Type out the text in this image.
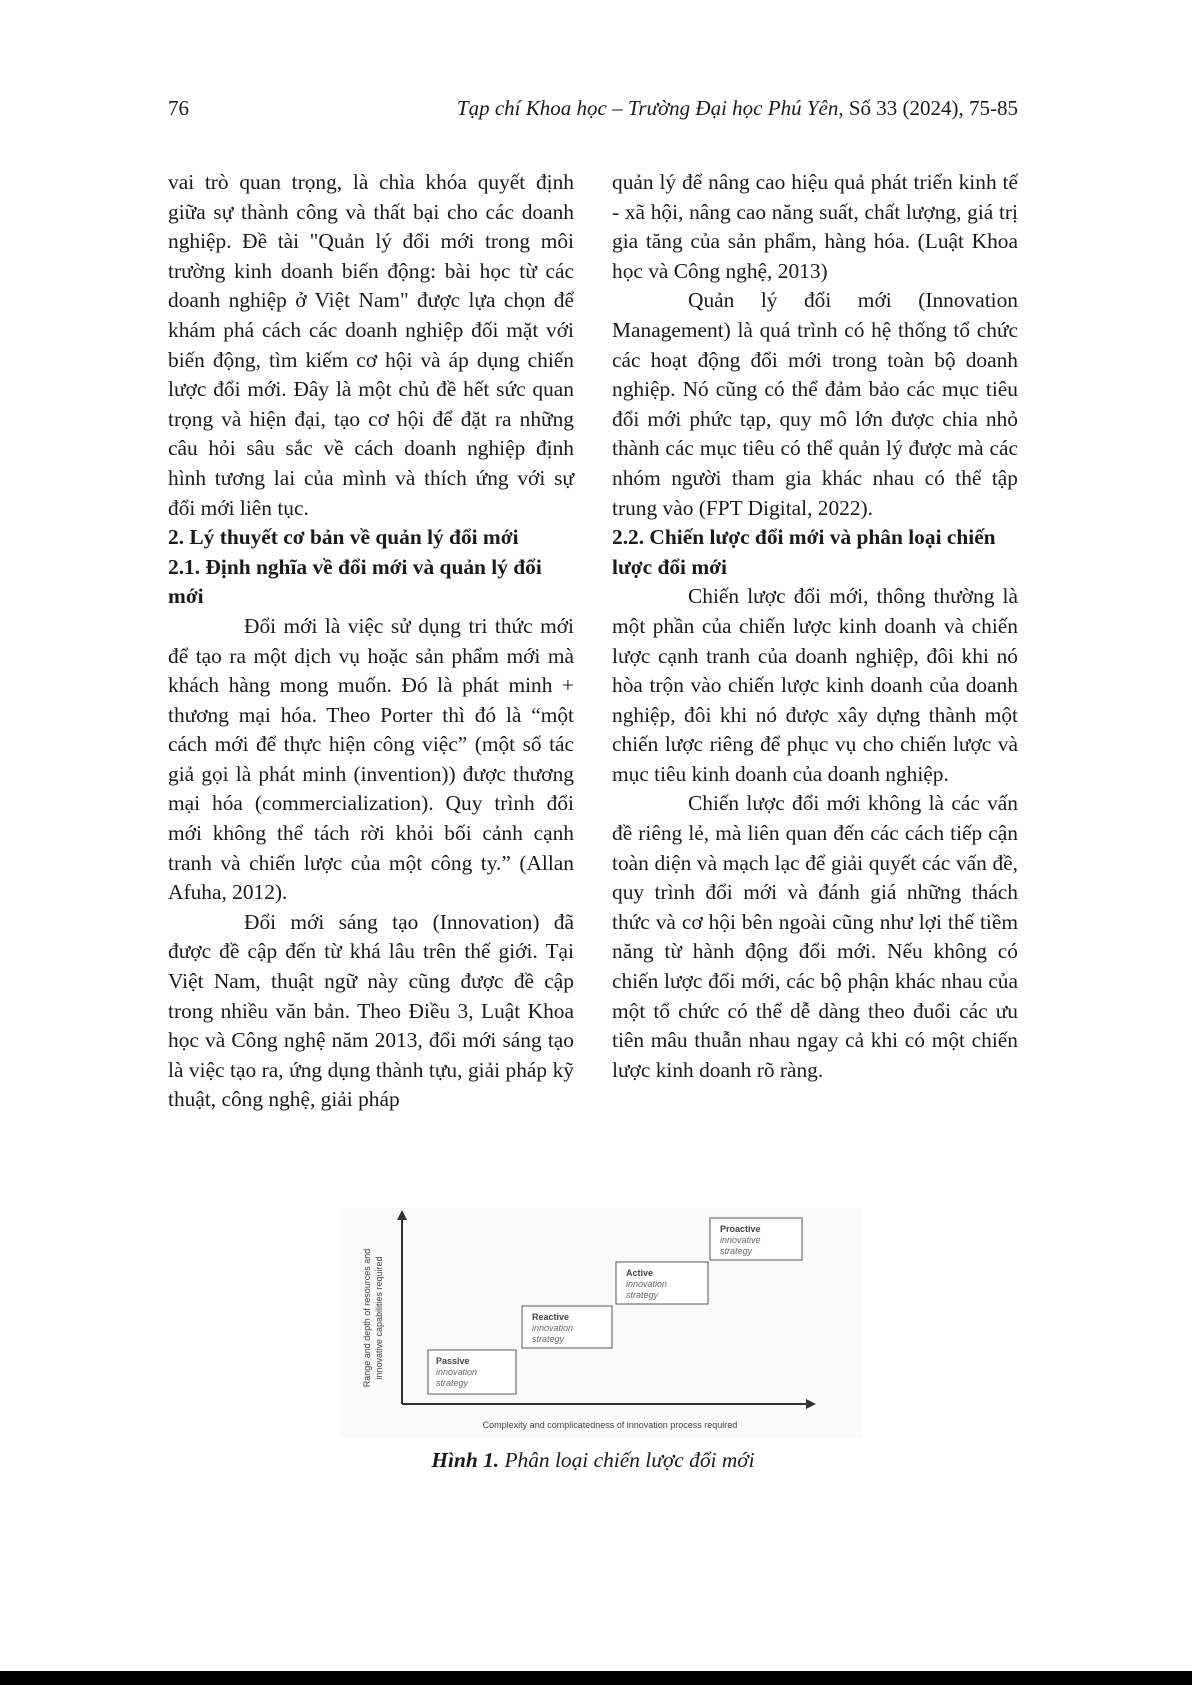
76	Tạp chí Khoa học – Trường Đại học Phú Yên, Số 33 (2024), 75-85

vai trò quan trọng, là chìa khóa quyết định giữa sự thành công và thất bại cho các doanh nghiệp. Đề tài "Quản lý đổi mới trong môi trường kinh doanh biến động: bài học từ các doanh nghiệp ở Việt Nam" được lựa chọn để khám phá cách các doanh nghiệp đối mặt với biến động, tìm kiếm cơ hội và áp dụng chiến lược đổi mới. Đây là một chủ đề hết sức quan trọng và hiện đại, tạo cơ hội để đặt ra những câu hỏi sâu sắc về cách doanh nghiệp định hình tương lai của mình và thích ứng với sự đổi mới liên tục.

2. Lý thuyết cơ bản về quản lý đổi mới
2.1. Định nghĩa về đổi mới và quản lý đổi mới

Đổi mới là việc sử dụng tri thức mới để tạo ra một dịch vụ hoặc sản phẩm mới mà khách hàng mong muốn. Đó là phát minh + thương mại hóa. Theo Porter thì đó là “một cách mới để thực hiện công việc” (một số tác giả gọi là phát minh (invention)) được thương mại hóa (commercialization). Quy trình đổi mới không thể tách rời khỏi bối cảnh cạnh tranh và chiến lược của một công ty.” (Allan Afuha, 2012).

Đổi mới sáng tạo (Innovation) đã được đề cập đến từ khá lâu trên thế giới. Tại Việt Nam, thuật ngữ này cũng được đề cập trong nhiều văn bản. Theo Điều 3, Luật Khoa học và Công nghệ năm 2013, đổi mới sáng tạo là việc tạo ra, ứng dụng thành tựu, giải pháp kỹ thuật, công nghệ, giải pháp

quản lý để nâng cao hiệu quả phát triển kinh tế - xã hội, nâng cao năng suất, chất lượng, giá trị gia tăng của sản phẩm, hàng hóa. (Luật Khoa học và Công nghệ, 2013)

Quản lý đổi mới (Innovation Management) là quá trình có hệ thống tổ chức các hoạt động đổi mới trong toàn bộ doanh nghiệp. Nó cũng có thể đảm bảo các mục tiêu đổi mới phức tạp, quy mô lớn được chia nhỏ thành các mục tiêu có thể quản lý được mà các nhóm người tham gia khác nhau có thể tập trung vào (FPT Digital, 2022).

2.2. Chiến lược đổi mới và phân loại chiến lược đổi mới

Chiến lược đổi mới, thông thường là một phần của chiến lược kinh doanh và chiến lược cạnh tranh của doanh nghiệp, đôi khi nó hòa trộn vào chiến lược kinh doanh của doanh nghiệp, đôi khi nó được xây dựng thành một chiến lược riêng để phục vụ cho chiến lược và mục tiêu kinh doanh của doanh nghiệp.

Chiến lược đổi mới không là các vấn đề riêng lẻ, mà liên quan đến các cách tiếp cận toàn diện và mạch lạc để giải quyết các vấn đề, quy trình đổi mới và đánh giá những thách thức và cơ hội bên ngoài cũng như lợi thế tiềm năng từ hành động đổi mới. Nếu không có chiến lược đổi mới, các bộ phận khác nhau của một tổ chức có thể dễ dàng theo đuổi các ưu tiên mâu thuẫn nhau ngay cả khi có một chiến lược kinh doanh rõ ràng.

Range and depth of resources and innovative capabilities required
Complexity and complicatedness of innovation process required
Passive
innovation
strategy
Reactive
innovation
strategy
Active
innovation
strategy
Proactive
innovative
strategy
Hình 1. Phân loại chiến lược đổi mới
